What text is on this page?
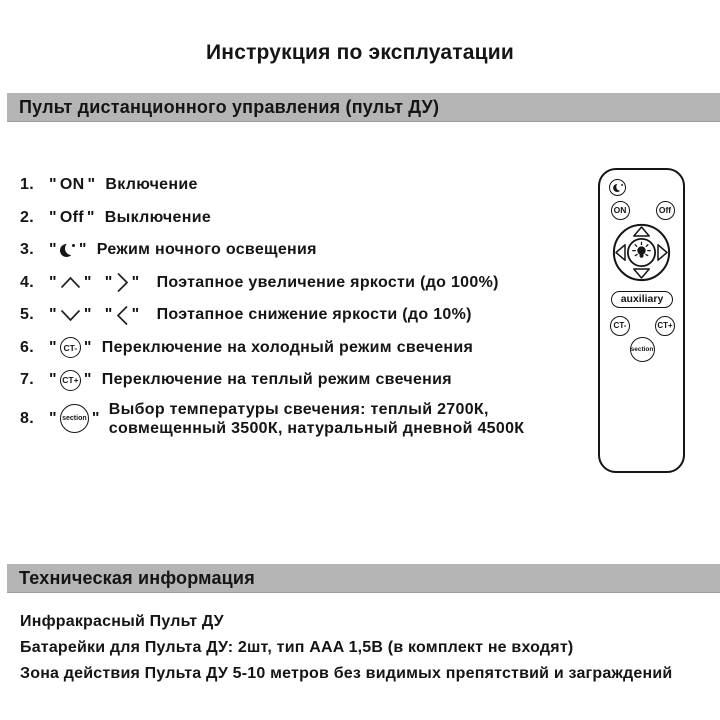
Инструкция по эксплуатации
Пульт дистанционного управления (пульт ДУ)
1. " ON " Включение
2. " Off " Выключение
3. " " Режим ночного освещения
4. " " " " Поэтапное увеличение яркости (до 100%)
5. " " " " Поэтапное снижение яркости (до 10%)
6. " CT- " Переключение на холодный режим свечения
7. " CT+ " Переключение на теплый режим свечения
8. " section "
Выбор температуры свечения: теплый 2700К,
совмещенный 3500К, натуральный дневной 4500К
ON	Off
auxiliary
CT-	CT+
section
Техническая информация
Инфракрасный Пульт ДУ
Батарейки для Пульта ДУ: 2шт, тип AAA 1,5В (в комплект не входят)
Зона действия Пульта ДУ 5-10 метров без видимых препятствий и заграждений
